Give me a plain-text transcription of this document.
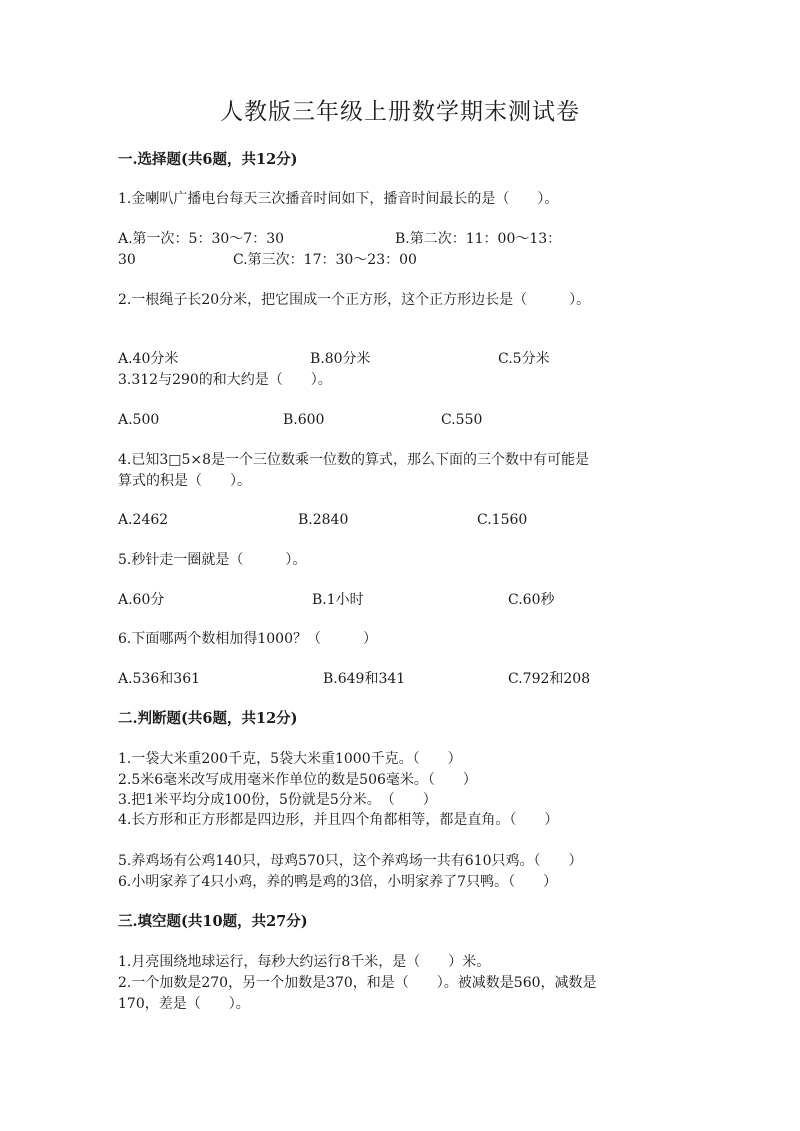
人教版三年级上册数学期末测试卷
一.选择题(共6题，共12分)
1.金喇叭广播电台每天三次播音时间如下，播音时间最长的是（　　）。
A.第一次：5：30～7：30	B.第二次：11：00～13：
30	C.第三次：17：30～23：00
2.一根绳子长20分米，把它围成一个正方形，这个正方形边长是（　　　）。
A.40分米	B.80分米	C.5分米
3.312与290的和大约是（　　）。
A.500	B.600	C.550
4.已知3□5×8是一个三位数乘一位数的算式，那么下面的三个数中有可能是
算式的积是（　　）。
A.2462	B.2840	C.1560
5.秒针走一圈就是（　　　）。
A.60分	B.1小时	C.60秒
6.下面哪两个数相加得1000？（　　　）
A.536和361	B.649和341	C.792和208
二.判断题(共6题，共12分)
1.一袋大米重200千克，5袋大米重1000千克。（　　）
2.5米6毫米改写成用毫米作单位的数是506毫米。（　　）
3.把1米平均分成100份，5份就是5分米。　（　　）
4.长方形和正方形都是四边形，并且四个角都相等，都是直角。（　　）
5.养鸡场有公鸡140只，母鸡570只，这个养鸡场一共有610只鸡。（　　）
6.小明家养了4只小鸡，养的鸭是鸡的3倍，小明家养了7只鸭。（　　）
三.填空题(共10题，共27分)
1.月亮围绕地球运行，每秒大约运行8千米，是（　　）米。
2.一个加数是270，另一个加数是370，和是（　　）。被减数是560，减数是
170，差是（　　）。
